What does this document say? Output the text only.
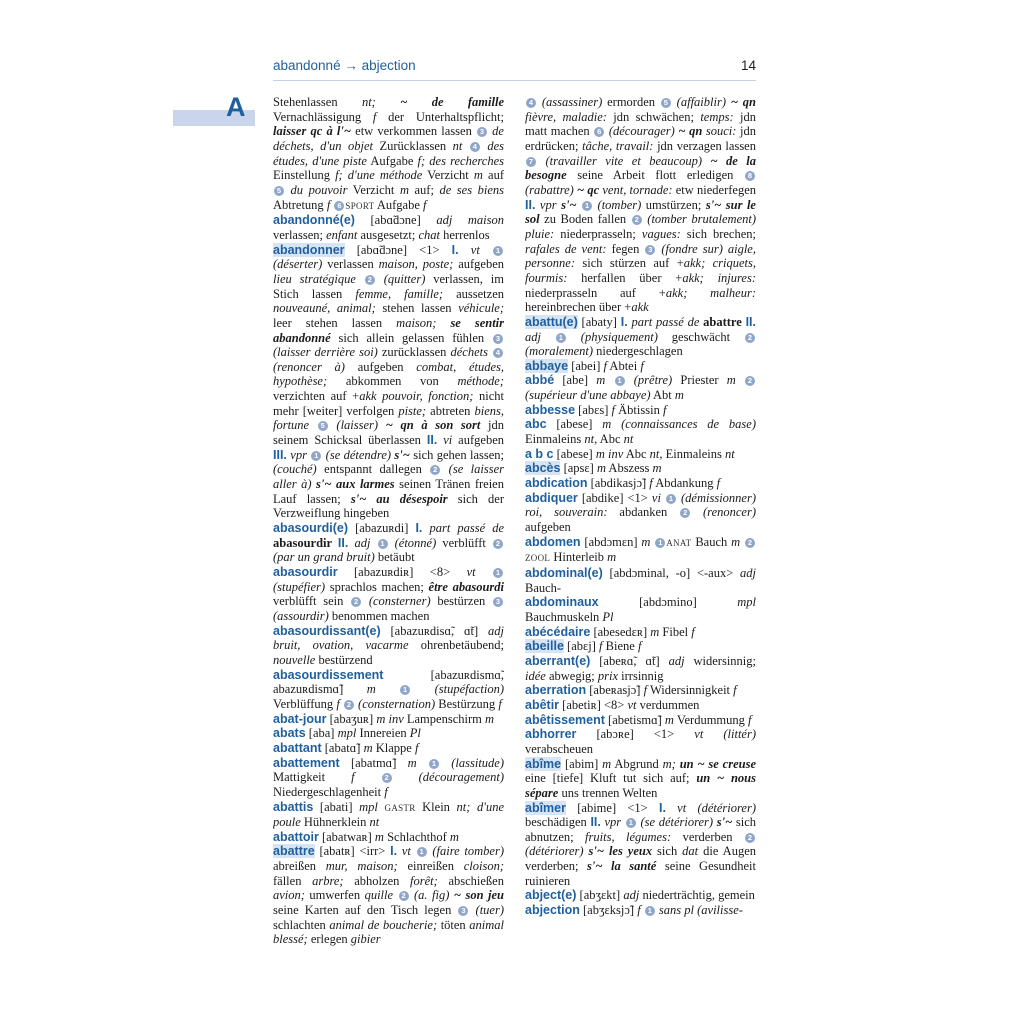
abandonné → abjection	14
A Stehenlassen nt; ~ de famille Vernachlässigung f der Unterhaltspflicht; laisser qc à l'~ etw verkommen lassen 3 de déchets, d'un objet Zurücklassen nt 4 des études, d'une piste Aufgabe f; des recherches Einstellung f; d'une méthode Verzicht m auf 5 du pouvoir Verzicht m auf; de ses biens Abtretung f 6 SPORT Aufgabe f

abandonné(e) [abɑ̃dɔne] adj maison verlassen; enfant ausgesetzt; chat herrenlos

abandonner [abɑ̃dɔne] <1> I. vt 1 (déserter) verlassen maison, poste; aufgeben lieu stratégique 2 (quitter) verlassen, im Stich lassen femme, famille; aussetzen nouveauné, animal; stehen lassen véhicule; leer stehen lassen maison; se sentir abandonné sich allein gelassen fühlen 3 (laisser derrière soi) zurücklassen déchets 4 (renoncer à) aufgeben combat, études, hypothèse; abkommen von méthode; verzichten auf +akk pouvoir, fonction; nicht mehr [weiter] verfolgen piste; abtreten biens, fortune 5 (laisser) ~ qn à son sort jdn seinem Schicksal überlassen II. vi aufgeben III. vpr 1 (se détendre) s'~ sich gehen lassen; (couché) entspannt dallegen 2 (se laisser aller à) s'~ aux larmes seinen Tränen freien Lauf lassen; s'~ au désespoir sich der Verzweiflung hingeben

abasourdi(e) [abazuʀdi] I. part passé de abasourdir II. adj 1 (étonné) verblüfft 2 (par un grand bruit) betäubt

abasourdir [abazuʀdiʀ] <8> vt 1 (stupéfier) sprachlos machen; être abasourdi verblüfft sein 2 (consterner) bestürzen 3 (assourdir) benommen machen

abasourdissant(e) [abazuʀdisɑ̃, ɑ̃t] adj bruit, ovation, vacarme ohrenbetäubend; nouvelle bestürzend

abasourdissement [abazuʀdismɑ̃, abazuʀdismɑ̃] m 1 (stupéfaction) Verblüffung f 2 (consternation) Bestürzung f

abat-jour [abaʒuʀ] m inv Lampenschirm m

abats [aba] mpl Innereien Pl

abattant [abatɑ̃] m Klappe f

abattement [abatmɑ̃] m 1 (lassitude) Mattigkeit f 2 (découragement) Niedergeschlagenheit f

abattis [abati] mpl GASTR Klein nt; d'une poule Hühnerklein nt

abattoir [abatwaʀ] m Schlachthof m

abattre [abatʀ] <irr> I. vt 1 (faire tomber) abreißen mur, maison; einreißen cloison; fällen arbre; abholzen forêt; abschießen avion; umwerfen quille 2 (a. fig) ~ son jeu seine Karten auf den Tisch legen 3 (tuer) schlachten animal de boucherie; töten animal blessé; erlegen gibier

4 (assassiner) ermorden 5 (affaiblir) ~ qn fièvre, maladie: jdn schwächen; temps: jdn matt machen 6 (décourager) ~ qn souci: jdn erdrücken; tâche, travail: jdn verzagen lassen 7 (travailler vite et beaucoup) ~ de la besogne seine Arbeit flott erledigen 8 (rabattre) ~ qc vent, tornade: etw niederfegen II. vpr s'~ 1 (tomber) umstürzen; s'~ sur le sol zu Boden fallen 2 (tomber brutalement) pluie: niederprasseln; vagues: sich brechen; rafales de vent: fegen 3 (fondre sur) aigle, personne: sich stürzen auf +akk; criquets, fourmis: herfallen über +akk; injures: niederprasseln auf +akk; malheur: hereinbrechen über +akk

abattu(e) [abaty] I. part passé de abattre II. adj 1 (physiquement) geschwächt 2 (moralement) niedergeschlagen

abbaye [abei] f Abtei f

abbé [abe] m 1 (prêtre) Priester m 2 (supérieur d'une abbaye) Abt m

abbesse [abɛs] f Äbtissin f

abc [abese] m (connaissances de base) Einmaleins nt, Abc nt

a b c [abese] m inv Abc nt, Einmaleins nt

abcès [apsɛ] m Abszess m

abdication [abdikasjɔ̃] f Abdankung f

abdiquer [abdike] <1> vi 1 (démissionner) roi, souverain: abdanken 2 (renoncer) aufgeben

abdomen [abdɔmɛn] m 1 ANAT Bauch m 2ZOOL Hinterleib m

abdominal(e) [abdɔminal, -o] <-aux> adj Bauch-

abdominaux [abdɔmino] mpl Bauchmuskeln Pl

abécédaire [abesedɛʀ] m Fibel f

abeille [abɛj] f Biene f

aberrant(e) [abeʀɑ̃, ɑ̃t] adj widersinnig; idée abwegig; prix irrsinnig

aberration [abeʀasjɔ̃] f Widersinnigkeit f

abêtir [abetiʀ] <8> vt verdummen

abêtissement [abetismɑ̃] m Verdummung f

abhorrer [abɔʀe] <1> vt (littér) verabscheuen

abîme [abim] m Abgrund m; un ~ se creuse eine [tiefe] Kluft tut sich auf; un ~ nous sépare uns trennen Welten

abîmer [abime] <1> I. vt (détériorer) beschädigen II. vpr 1 (se détériorer) s'~ sich abnutzen; fruits, légumes: verderben 2 (détériorer) s'~ les yeux sich dat die Augen verderben; s'~ la santé seine Gesundheit ruinieren

abject(e) [abʒɛkt] adj niederträchtig, gemein

abjection [abʒɛksjɔ̃] f 1 sans pl (avilisse-
